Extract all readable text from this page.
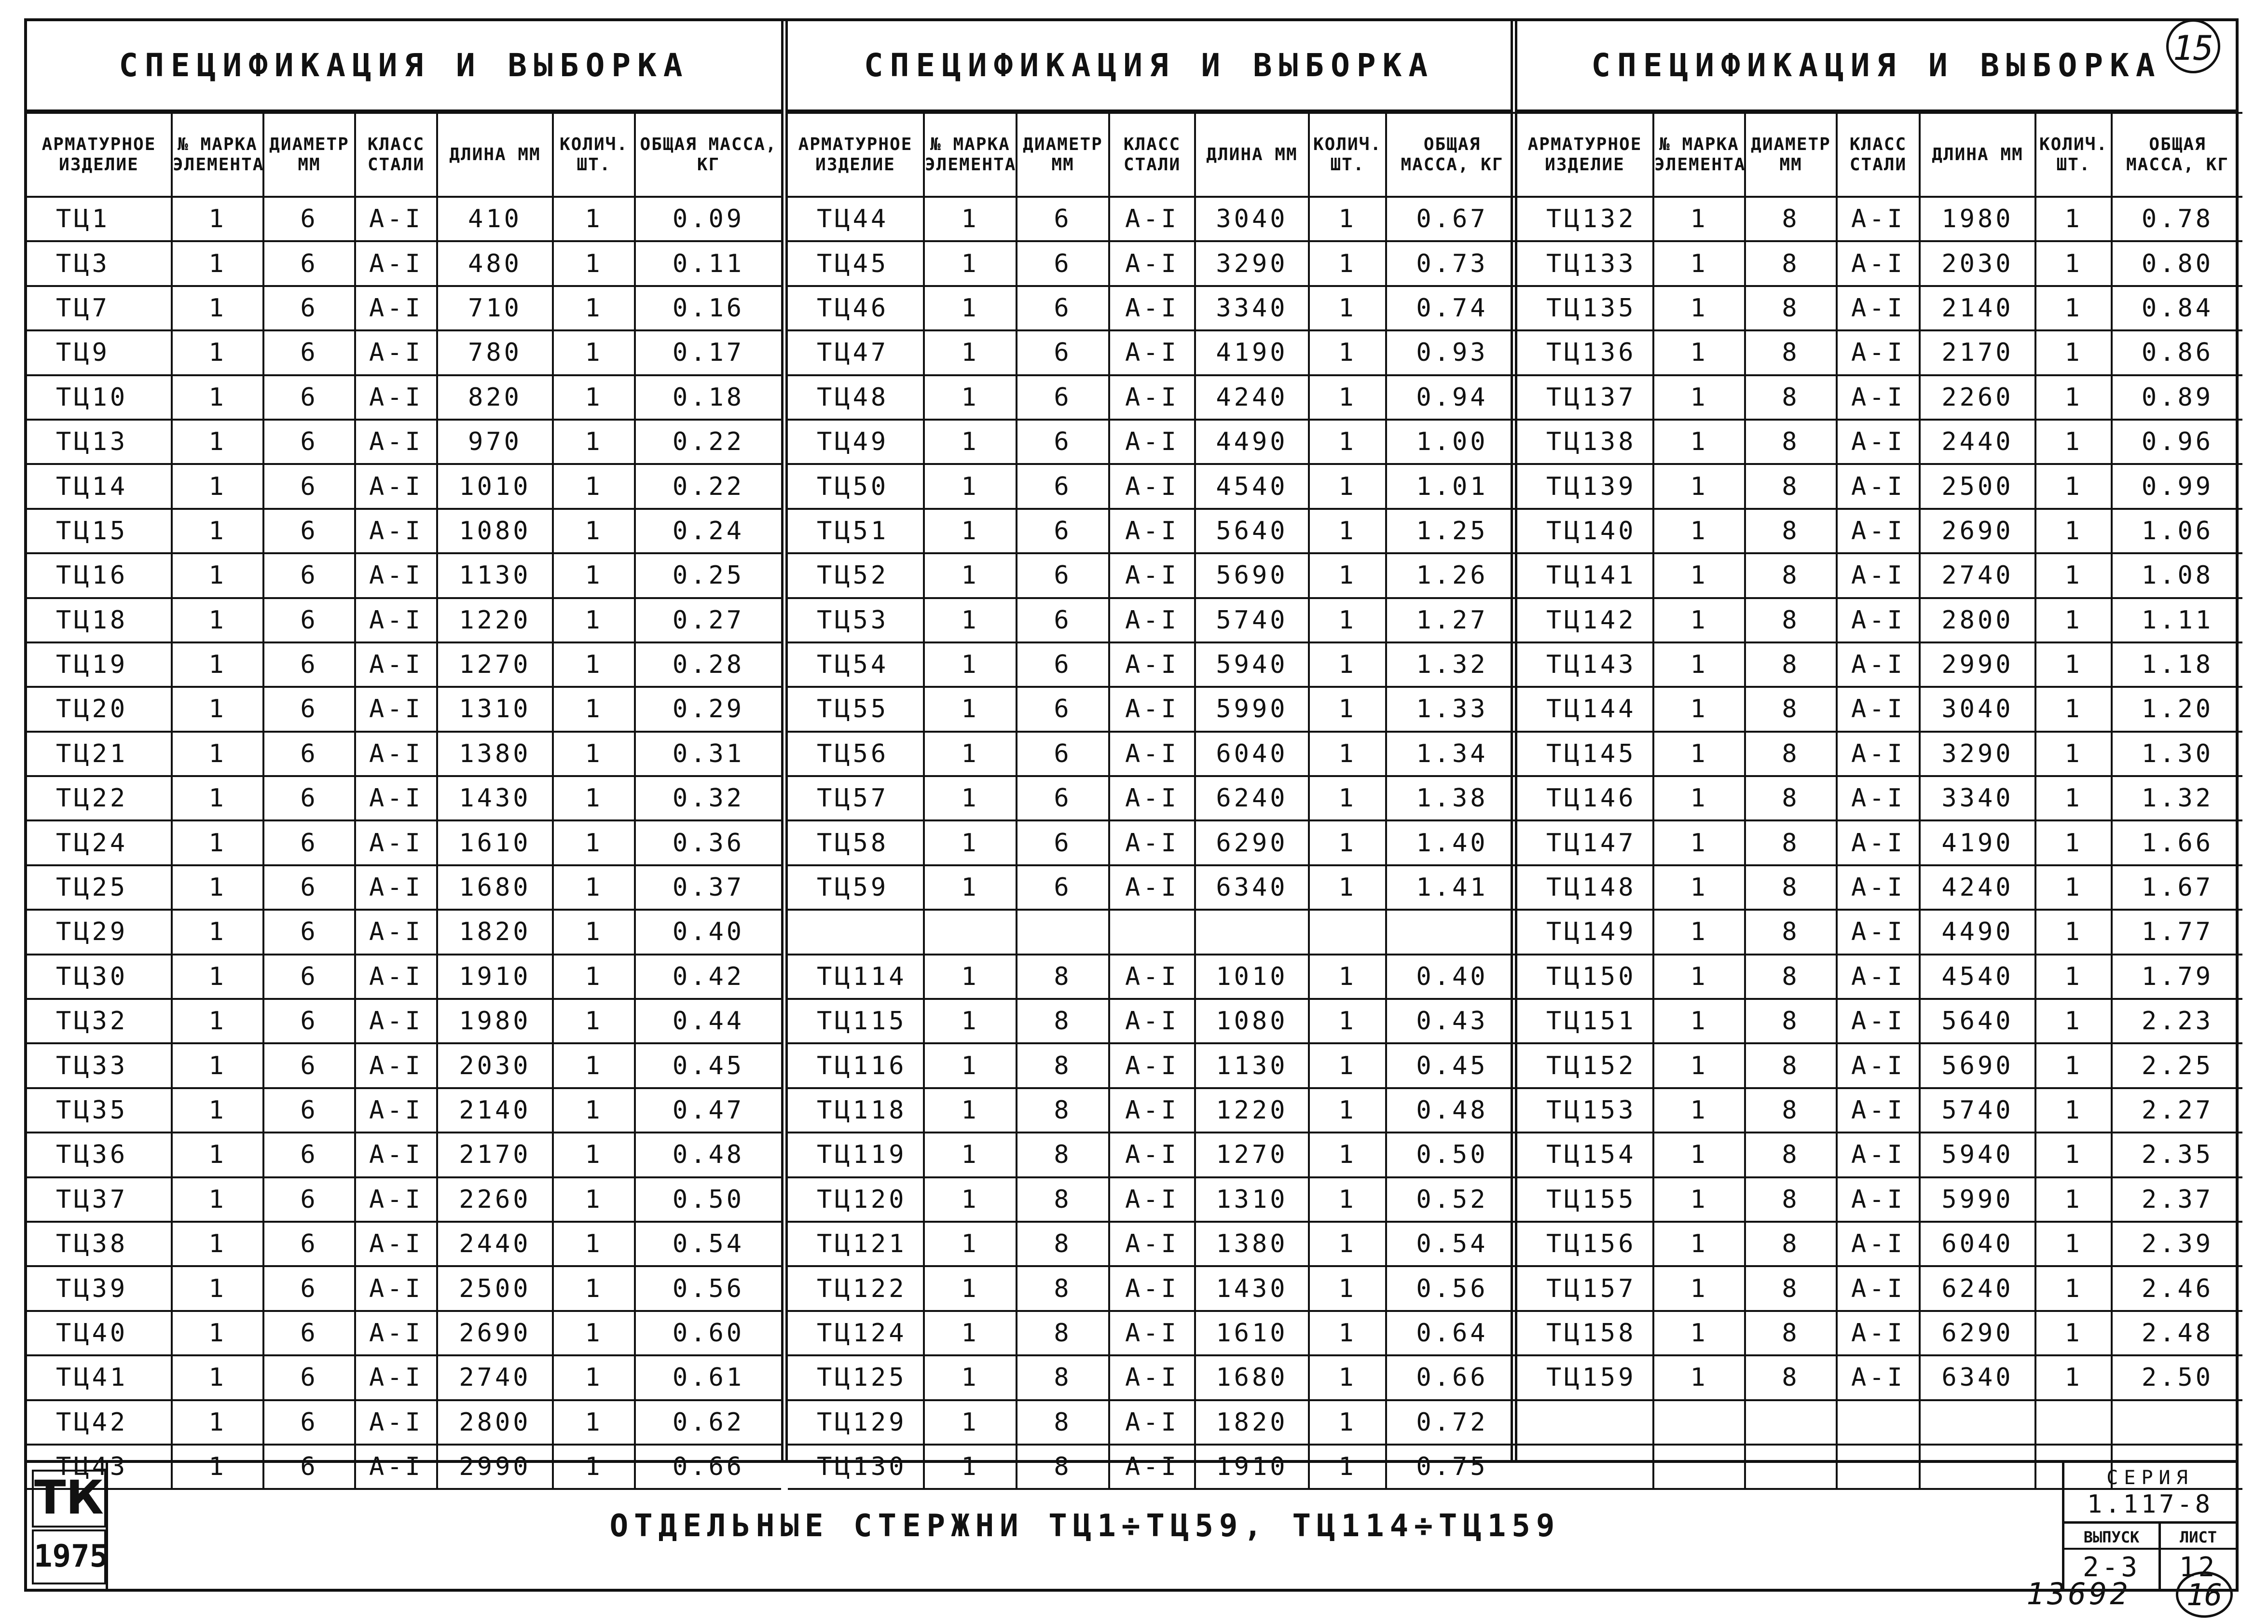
СПЕЦИФИКАЦИЯ И ВЫБОРКА
АРМАТУРНОЕ ИЗДЕЛИЕ	№ МАРКА ЭЛЕМЕНТА	ДИАМЕТР ММ	КЛАСС СТАЛИ	ДЛИНА ММ	КОЛИЧ. ШТ.	ОБЩАЯ МАССА, КГ
ТЦ1	1	6	А-I	410	1	0.09
ТЦ3	1	6	А-I	480	1	0.11
ТЦ7	1	6	А-I	710	1	0.16
ТЦ9	1	6	А-I	780	1	0.17
ТЦ10	1	6	А-I	820	1	0.18
ТЦ13	1	6	А-I	970	1	0.22
ТЦ14	1	6	А-I	1010	1	0.22
ТЦ15	1	6	А-I	1080	1	0.24
ТЦ16	1	6	А-I	1130	1	0.25
ТЦ18	1	6	А-I	1220	1	0.27
ТЦ19	1	6	А-I	1270	1	0.28
ТЦ20	1	6	А-I	1310	1	0.29
ТЦ21	1	6	А-I	1380	1	0.31
ТЦ22	1	6	А-I	1430	1	0.32
ТЦ24	1	6	А-I	1610	1	0.36
ТЦ25	1	6	А-I	1680	1	0.37
ТЦ29	1	6	А-I	1820	1	0.40
ТЦ30	1	6	А-I	1910	1	0.42
ТЦ32	1	6	А-I	1980	1	0.44
ТЦ33	1	6	А-I	2030	1	0.45
ТЦ35	1	6	А-I	2140	1	0.47
ТЦ36	1	6	А-I	2170	1	0.48
ТЦ37	1	6	А-I	2260	1	0.50
ТЦ38	1	6	А-I	2440	1	0.54
ТЦ39	1	6	А-I	2500	1	0.56
ТЦ40	1	6	А-I	2690	1	0.60
ТЦ41	1	6	А-I	2740	1	0.61
ТЦ42	1	6	А-I	2800	1	0.62
ТЦ43	1	6	А-I	2990	1	0.66
СПЕЦИФИКАЦИЯ И ВЫБОРКА
АРМАТУРНОЕ ИЗДЕЛИЕ	№ МАРКА ЭЛЕМЕНТА	ДИАМЕТР ММ	КЛАСС СТАЛИ	ДЛИНА ММ	КОЛИЧ. ШТ.	ОБЩАЯ МАССА, КГ
ТЦ44	1	6	А-I	3040	1	0.67
ТЦ45	1	6	А-I	3290	1	0.73
ТЦ46	1	6	А-I	3340	1	0.74
ТЦ47	1	6	А-I	4190	1	0.93
ТЦ48	1	6	А-I	4240	1	0.94
ТЦ49	1	6	А-I	4490	1	1.00
ТЦ50	1	6	А-I	4540	1	1.01
ТЦ51	1	6	А-I	5640	1	1.25
ТЦ52	1	6	А-I	5690	1	1.26
ТЦ53	1	6	А-I	5740	1	1.27
ТЦ54	1	6	А-I	5940	1	1.32
ТЦ55	1	6	А-I	5990	1	1.33
ТЦ56	1	6	А-I	6040	1	1.34
ТЦ57	1	6	А-I	6240	1	1.38
ТЦ58	1	6	А-I	6290	1	1.40
ТЦ59	1	6	А-I	6340	1	1.41

ТЦ114	1	8	А-I	1010	1	0.40
ТЦ115	1	8	А-I	1080	1	0.43
ТЦ116	1	8	А-I	1130	1	0.45
ТЦ118	1	8	А-I	1220	1	0.48
ТЦ119	1	8	А-I	1270	1	0.50
ТЦ120	1	8	А-I	1310	1	0.52
ТЦ121	1	8	А-I	1380	1	0.54
ТЦ122	1	8	А-I	1430	1	0.56
ТЦ124	1	8	А-I	1610	1	0.64
ТЦ125	1	8	А-I	1680	1	0.66
ТЦ129	1	8	А-I	1820	1	0.72
ТЦ130	1	8	А-I	1910	1	0.75
СПЕЦИФИКАЦИЯ И ВЫБОРКА
АРМАТУРНОЕ ИЗДЕЛИЕ	№ МАРКА ЭЛЕМЕНТА	ДИАМЕТР ММ	КЛАСС СТАЛИ	ДЛИНА ММ	КОЛИЧ. ШТ.	ОБЩАЯ МАССА, КГ
ТЦ132	1	8	А-I	1980	1	0.78
ТЦ133	1	8	А-I	2030	1	0.80
ТЦ135	1	8	А-I	2140	1	0.84
ТЦ136	1	8	А-I	2170	1	0.86
ТЦ137	1	8	А-I	2260	1	0.89
ТЦ138	1	8	А-I	2440	1	0.96
ТЦ139	1	8	А-I	2500	1	0.99
ТЦ140	1	8	А-I	2690	1	1.06
ТЦ141	1	8	А-I	2740	1	1.08
ТЦ142	1	8	А-I	2800	1	1.11
ТЦ143	1	8	А-I	2990	1	1.18
ТЦ144	1	8	А-I	3040	1	1.20
ТЦ145	1	8	А-I	3290	1	1.30
ТЦ146	1	8	А-I	3340	1	1.32
ТЦ147	1	8	А-I	4190	1	1.66
ТЦ148	1	8	А-I	4240	1	1.67
ТЦ149	1	8	А-I	4490	1	1.77
ТЦ150	1	8	А-I	4540	1	1.79
ТЦ151	1	8	А-I	5640	1	2.23
ТЦ152	1	8	А-I	5690	1	2.25
ТЦ153	1	8	А-I	5740	1	2.27
ТЦ154	1	8	А-I	5940	1	2.35
ТЦ155	1	8	А-I	5990	1	2.37
ТЦ156	1	8	А-I	6040	1	2.39
ТЦ157	1	8	А-I	6240	1	2.46
ТЦ158	1	8	А-I	6290	1	2.48
ТЦ159	1	8	А-I	6340	1	2.50

ТК
1975
ОТДЕЛЬНЫЕ СТЕРЖНИ ТЦ1÷ТЦ59, ТЦ114÷ТЦ159
СЕРИЯ
1.117-8
ВЫПУСК
2-3
ЛИСТ
12
15
13692	16
